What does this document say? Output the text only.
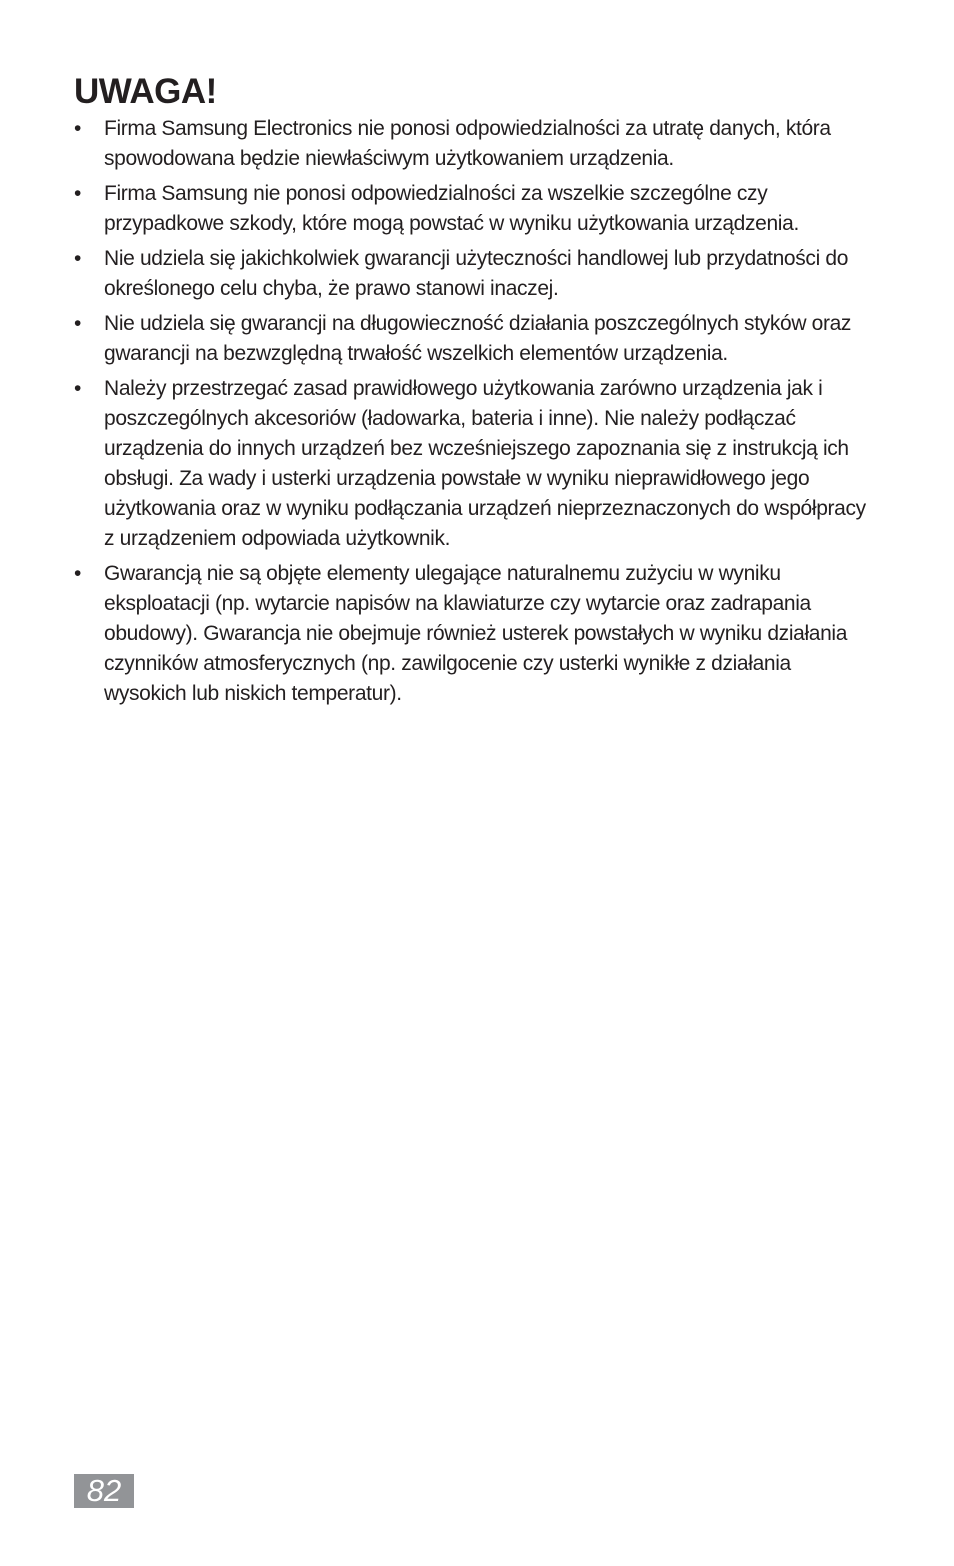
UWAGA!
• Firma Samsung Electronics nie ponosi odpowiedzialności za utratę danych, która spowodowana będzie niewłaściwym użytkowaniem urządzenia.
• Firma Samsung nie ponosi odpowiedzialności za wszelkie szczególne czy przypadkowe szkody, które mogą powstać w wyniku użytkowania urządzenia.
• Nie udziela się jakichkolwiek gwarancji użyteczności handlowej lub przydatności do określonego celu chyba, że prawo stanowi inaczej.
• Nie udziela się gwarancji na długowieczność działania poszczególnych styków oraz gwarancji na bezwzględną trwałość wszelkich elementów urządzenia.
• Należy przestrzegać zasad prawidłowego użytkowania zarówno urządzenia jak i poszczególnych akcesoriów (ładowarka, bateria i inne). Nie należy podłączać urządzenia do innych urządzeń bez wcześniejszego zapoznania się z instrukcją ich obsługi. Za wady i usterki urządzenia powstałe w wyniku nieprawidłowego jego użytkowania oraz w wyniku podłączania urządzeń nieprzeznaczonych do współpracy z urządzeniem odpowiada użytkownik.
• Gwarancją nie są objęte elementy ulegające naturalnemu zużyciu w wyniku eksploatacji (np. wytarcie napisów na klawiaturze czy wytarcie oraz zadrapania obudowy). Gwarancja nie obejmuje również usterek powstałych w wyniku działania czynników atmosferycznych (np. zawilgocenie czy usterki wynikłe z działania wysokich lub niskich temperatur).
82
